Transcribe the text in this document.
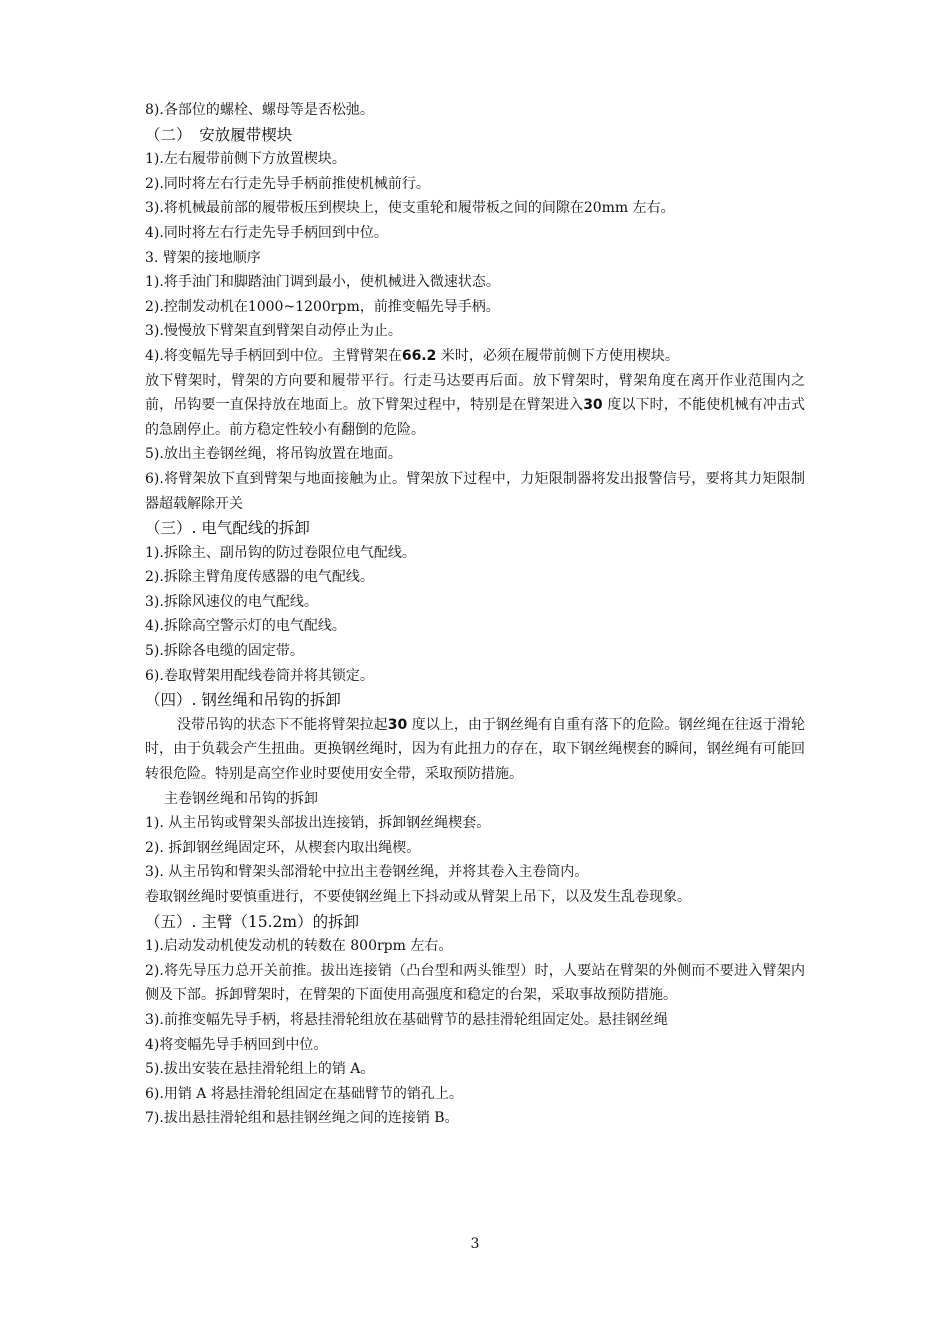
8).各部位的螺栓、螺母等是否松弛。
（二）　安放履带楔块
1).左右履带前侧下方放置楔块。
2).同时将左右行走先导手柄前推使机械前行。
3).将机械最前部的履带板压到楔块上，使支重轮和履带板之间的间隙在20mm 左右。
4).同时将左右行走先导手柄回到中位。
3. 臂架的接地顺序
1).将手油门和脚踏油门调到最小，使机械进入微速状态。
2).控制发动机在1000~1200rpm，前推变幅先导手柄。
3).慢慢放下臂架直到臂架自动停止为止。
4).将变幅先导手柄回到中位。主臂臂架在66.2 米时，必须在履带前侧下方使用楔块。
放下臂架时，臂架的方向要和履带平行。行走马达要再后面。放下臂架时，臂架角度在离开作业范围内之前，吊钩要一直保持放在地面上。放下臂架过程中，特别是在臂架进入30 度以下时，不能使机械有冲击式的急剧停止。前方稳定性较小有翻倒的危险。
5).放出主卷钢丝绳，将吊钩放置在地面。
6).将臂架放下直到臂架与地面接触为止。臂架放下过程中，力矩限制器将发出报警信号，要将其力矩限制器超载解除开关
（三）. 电气配线的拆卸
1).拆除主、副吊钩的防过卷限位电气配线。
2).拆除主臂角度传感器的电气配线。
3).拆除风速仪的电气配线。
4).拆除高空警示灯的电气配线。
5).拆除各电缆的固定带。
6).卷取臂架用配线卷筒并将其锁定。
（四）. 钢丝绳和吊钩的拆卸
没带吊钩的状态下不能将臂架拉起30 度以上，由于钢丝绳有自重有落下的危险。钢丝绳在往返于滑轮时，由于负载会产生扭曲。更换钢丝绳时，因为有此扭力的存在，取下钢丝绳楔套的瞬间，钢丝绳有可能回转很危险。特别是高空作业时要使用安全带，采取预防措施。
主卷钢丝绳和吊钩的拆卸
1). 从主吊钩或臂架头部拔出连接销，拆卸钢丝绳楔套。
2). 拆卸钢丝绳固定环，从楔套内取出绳楔。
3). 从主吊钩和臂架头部滑轮中拉出主卷钢丝绳，并将其卷入主卷筒内。
卷取钢丝绳时要慎重进行，不要使钢丝绳上下抖动或从臂架上吊下，以及发生乱卷现象。
（五）. 主臂（15.2m）的拆卸
1).启动发动机使发动机的转数在 800rpm 左右。
2).将先导压力总开关前推。拔出连接销（凸台型和两头锥型）时，人要站在臂架的外侧而不要进入臂架内侧及下部。拆卸臂架时，在臂架的下面使用高强度和稳定的台架，采取事故预防措施。
3).前推变幅先导手柄，将悬挂滑轮组放在基础臂节的悬挂滑轮组固定处。悬挂钢丝绳
4)将变幅先导手柄回到中位。
5).拔出安装在悬挂滑轮组上的销 A。
6).用销 A 将悬挂滑轮组固定在基础臂节的销孔上。
7).拔出悬挂滑轮组和悬挂钢丝绳之间的连接销 B。
3
